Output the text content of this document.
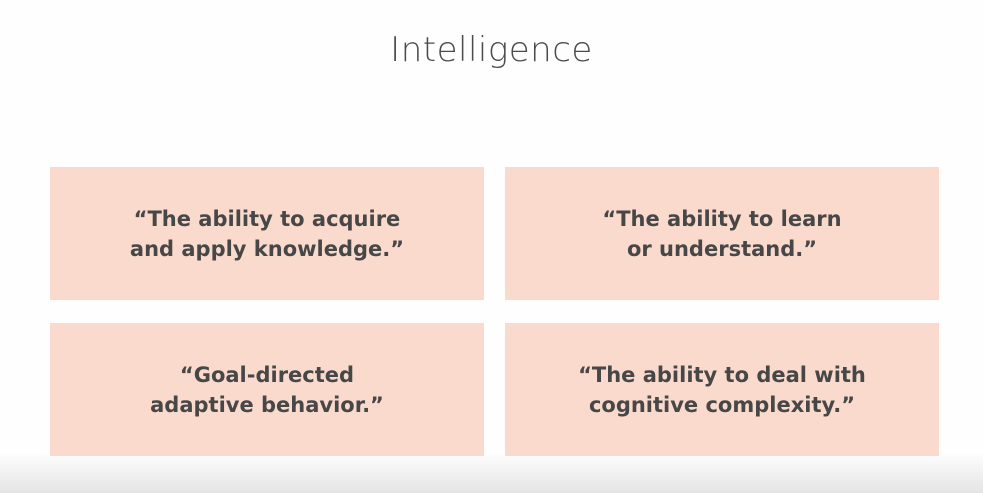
Intelligence
“The ability to acquire
and apply knowledge.”
“The ability to learn
or understand.”
“Goal-directed
adaptive behavior.”
“The ability to deal with
cognitive complexity.”
